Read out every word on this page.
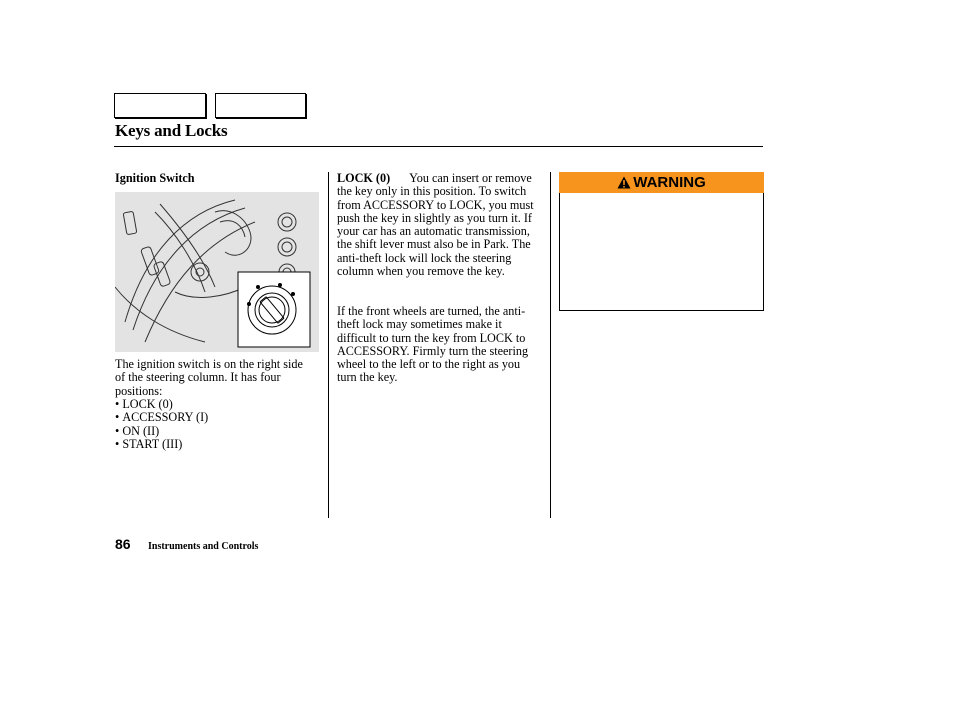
Keys and Locks
Ignition Switch
The ignition switch is on the right side of the steering column. It has four positions:
• LOCK (0)
• ACCESSORY (I)
• ON (II)
• START (III)
LOCK (0) You can insert or remove the key only in this position. To switch from ACCESSORY to LOCK, you must push the key in slightly as you turn it. If your car has an automatic transmission, the shift lever must also be in Park. The anti-theft lock will lock the steering column when you remove the key.
If the front wheels are turned, the anti-theft lock may sometimes make it difficult to turn the key from LOCK to ACCESSORY. Firmly turn the steering wheel to the left or to the right as you turn the key.
WARNING
86 Instruments and Controls
